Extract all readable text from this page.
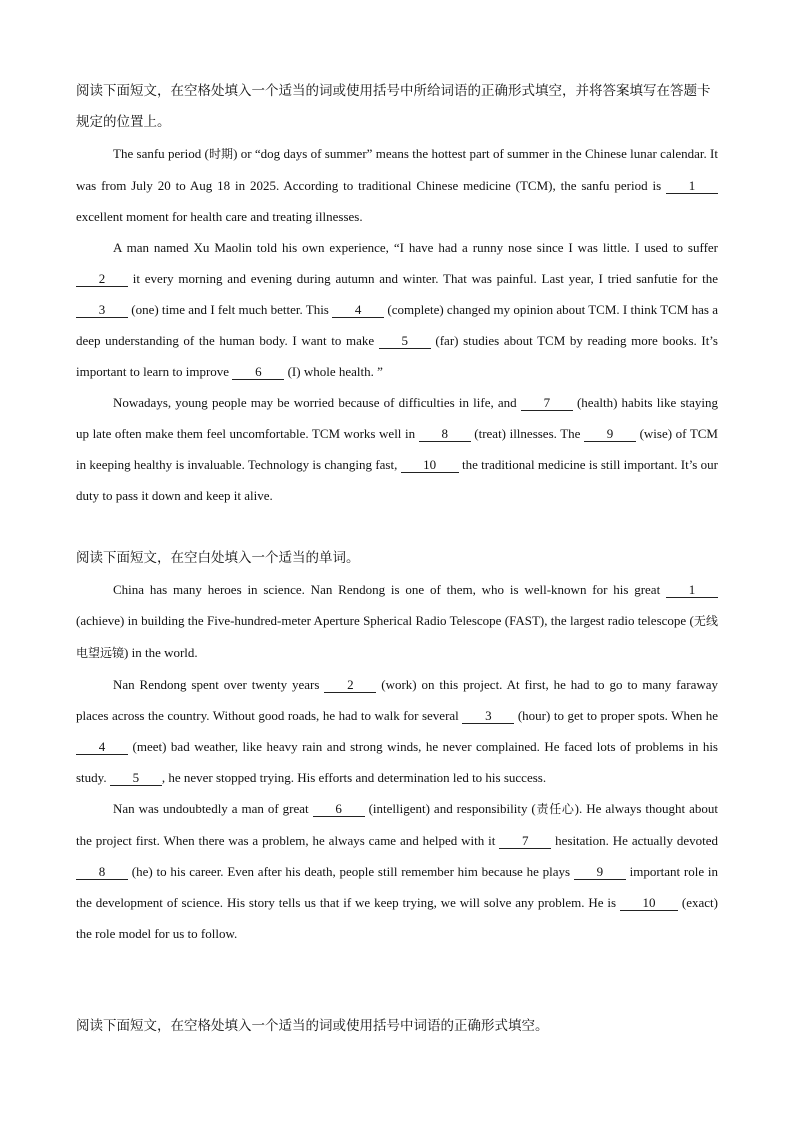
阅读下面短文，在空格处填入一个适当的词或使用括号中所给词语的正确形式填空，并将答案填写在答题卡规定的位置上。

The sanfu period (时期) or “dog days of summer” means the hottest part of summer in the Chinese lunar calendar. It was from July 20 to Aug 18 in 2025. According to traditional Chinese medicine (TCM), the sanfu period is 1 excellent moment for health care and treating illnesses.

A man named Xu Maolin told his own experience, “I have had a runny nose since I was little. I used to suffer 2 it every morning and evening during autumn and winter. That was painful. Last year, I tried sanfutie for the 3 (one) time and I felt much better. This 4 (complete) changed my opinion about TCM. I think TCM has a deep understanding of the human body. I want to make 5 (far) studies about TCM by reading more books. It’s important to learn to improve 6 (I) whole health. ”

Nowadays, young people may be worried because of difficulties in life, and 7 (health) habits like staying up late often make them feel uncomfortable. TCM works well in 8 (treat) illnesses. The 9 (wise) of TCM in keeping healthy is invaluable. Technology is changing fast, 10 the traditional medicine is still important. It’s our duty to pass it down and keep it alive.

阅读下面短文，在空白处填入一个适当的单词。

China has many heroes in science. Nan Rendong is one of them, who is well-known for his great 1 (achieve) in building the Five-hundred-meter Aperture Spherical Radio Telescope (FAST), the largest radio telescope (无线电望远镜) in the world.

Nan Rendong spent over twenty years 2 (work) on this project. At first, he had to go to many faraway places across the country. Without good roads, he had to walk for several 3 (hour) to get to proper spots. When he 4 (meet) bad weather, like heavy rain and strong winds, he never complained. He faced lots of problems in his study. 5 , he never stopped trying. His efforts and determination led to his success.

Nan was undoubtedly a man of great 6 (intelligent) and responsibility (责任心). He always thought about the project first. When there was a problem, he always came and helped with it 7 hesitation. He actually devoted 8 (he) to his career. Even after his death, people still remember him because he plays 9 important role in the development of science. His story tells us that if we keep trying, we will solve any problem. He is 10 (exact) the role model for us to follow.

阅读下面短文，在空格处填入一个适当的词或使用括号中词语的正确形式填空。
